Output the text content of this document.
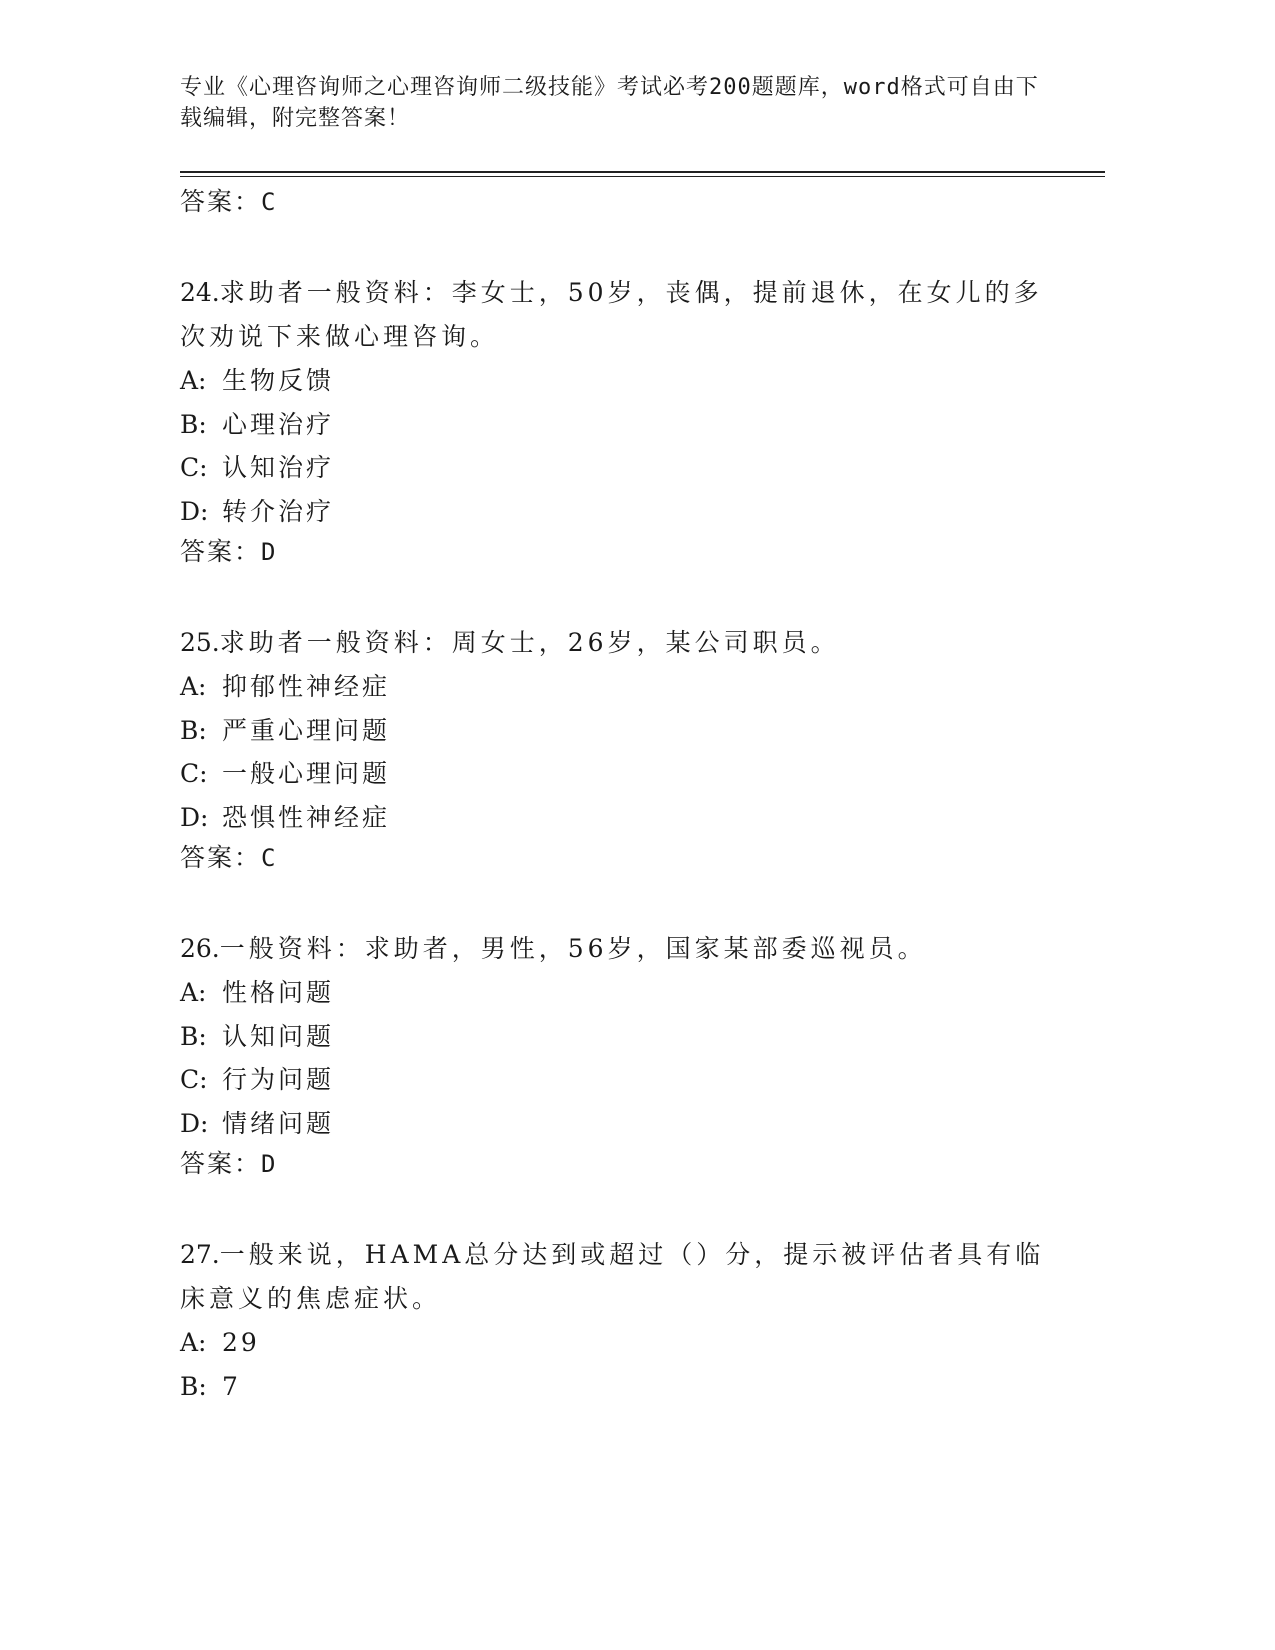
专业《心理咨询师之心理咨询师二级技能》考试必考200题题库，word格式可自由下载编辑，附完整答案！

答案：C

24.求助者一般资料：李女士，50岁，丧偶，提前退休，在女儿的多次劝说下来做心理咨询。

A: 生物反馈

B: 心理治疗

C: 认知治疗

D: 转介治疗

答案：D

25.求助者一般资料：周女士，26岁，某公司职员。

A: 抑郁性神经症

B: 严重心理问题

C: 一般心理问题

D: 恐惧性神经症

答案：C

26.一般资料：求助者，男性，56岁，国家某部委巡视员。

A: 性格问题

B: 认知问题

C: 行为问题

D: 情绪问题

答案：D

27.一般来说，HAMA总分达到或超过（）分，提示被评估者具有临床意义的焦虑症状。

A: 29

B: 7
